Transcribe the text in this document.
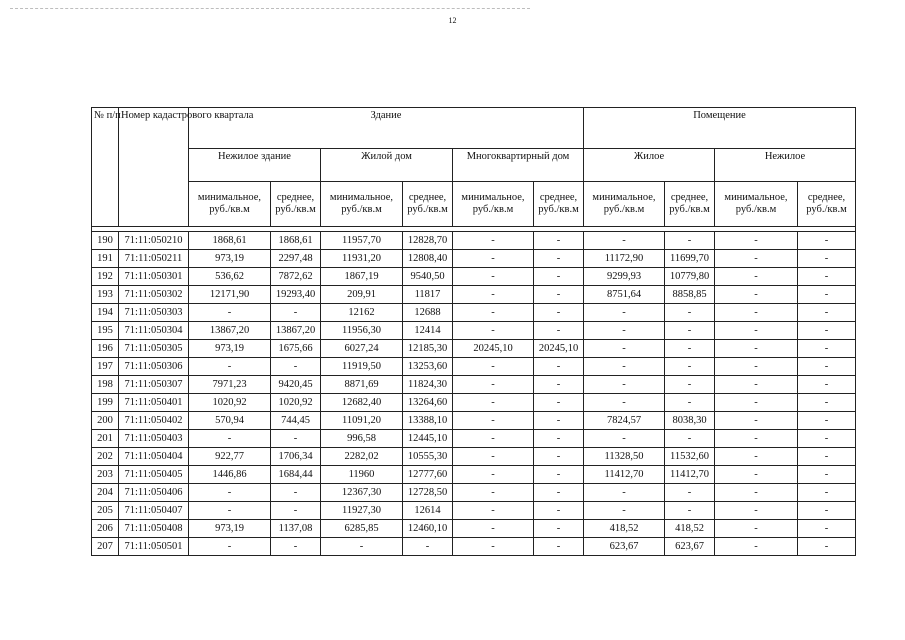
12
№ п/п	Номер кадастрового квартала	Здание						Помещение			
		Нежилое здание		Жилой дом		Многоквартирный дом		Жилое		Нежилое	
		минимальное, руб./кв.м	среднее, руб./кв.м	минимальное, руб./кв.м	среднее, руб./кв.м	минимальное, руб./кв.м	среднее, руб./кв.м	минимальное, руб./кв.м	среднее, руб./кв.м	минимальное, руб./кв.м	среднее, руб./кв.м

190	71:11:050210	1868,61	1868,61	11957,70	12828,70	-	-	-	-	-	-
191	71:11:050211	973,19	2297,48	11931,20	12808,40	-	-	11172,90	11699,70	-	-
192	71:11:050301	536,62	7872,62	1867,19	9540,50	-	-	9299,93	10779,80	-	-
193	71:11:050302	12171,90	19293,40	209,91	11817	-	-	8751,64	8858,85	-	-
194	71:11:050303	-	-	12162	12688	-	-	-	-	-	-
195	71:11:050304	13867,20	13867,20	11956,30	12414	-	-	-	-	-	-
196	71:11:050305	973,19	1675,66	6027,24	12185,30	20245,10	20245,10	-	-	-	-
197	71:11:050306	-	-	11919,50	13253,60	-	-	-	-	-	-
198	71:11:050307	7971,23	9420,45	8871,69	11824,30	-	-	-	-	-	-
199	71:11:050401	1020,92	1020,92	12682,40	13264,60	-	-	-	-	-	-
200	71:11:050402	570,94	744,45	11091,20	13388,10	-	-	7824,57	8038,30	-	-
201	71:11:050403	-	-	996,58	12445,10	-	-	-	-	-	-
202	71:11:050404	922,77	1706,34	2282,02	10555,30	-	-	11328,50	11532,60	-	-
203	71:11:050405	1446,86	1684,44	11960	12777,60	-	-	11412,70	11412,70	-	-
204	71:11:050406	-	-	12367,30	12728,50	-	-	-	-	-	-
205	71:11:050407	-	-	11927,30	12614	-	-	-	-	-	-
206	71:11:050408	973,19	1137,08	6285,85	12460,10	-	-	418,52	418,52	-	-
207	71:11:050501	-	-	-	-	-	-	623,67	623,67	-	-
